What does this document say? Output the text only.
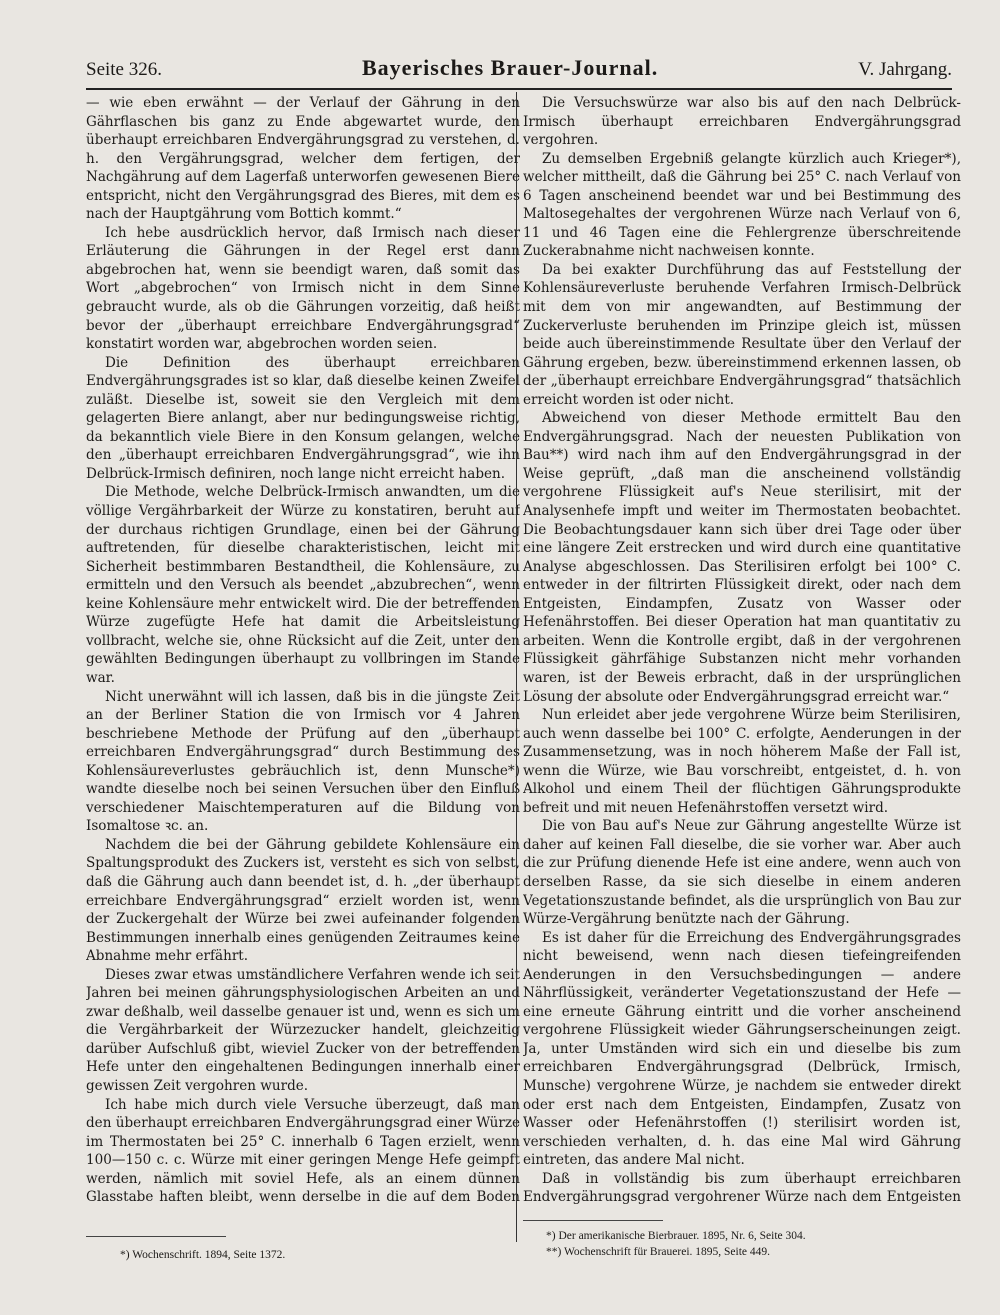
Seite 326.	Bayerisches Brauer-Journal.	V. Jahrgang.

— wie eben erwähnt — der Verlauf der Gährung in den Gährflaschen bis ganz zu Ende abgewartet wurde, den überhaupt erreichbaren Endvergährungsgrad zu verstehen, d. h. den Vergährungsgrad, welcher dem fertigen, der Nachgährung auf dem Lagerfaß unterworfen gewesenen Biere entspricht, nicht den Vergährungsgrad des Bieres, mit dem es nach der Hauptgährung vom Bottich kommt.“

Ich hebe ausdrücklich hervor, daß Irmisch nach dieser Erläuterung die Gährungen in der Regel erst dann abgebrochen hat, wenn sie beendigt waren, daß somit das Wort „abgebrochen“ von Irmisch nicht in dem Sinne gebraucht wurde, als ob die Gährungen vorzeitig, daß heißt bevor der „überhaupt erreichbare Endvergährungsgrad“ konstatirt worden war, abgebrochen worden seien.

Die Definition des überhaupt erreichbaren Endvergährungsgrades ist so klar, daß dieselbe keinen Zweifel zuläßt. Dieselbe ist, soweit sie den Vergleich mit dem gelagerten Biere anlangt, aber nur bedingungsweise richtig, da bekanntlich viele Biere in den Konsum gelangen, welche den „überhaupt erreichbaren Endvergährungsgrad“, wie ihn Delbrück-Irmisch definiren, noch lange nicht erreicht haben.

Die Methode, welche Delbrück-Irmisch anwandten, um die völlige Vergährbarkeit der Würze zu konstatiren, beruht auf der durchaus richtigen Grundlage, einen bei der Gährung auftretenden, für dieselbe charakteristischen, leicht mit Sicherheit bestimmbaren Bestandtheil, die Kohlensäure, zu ermitteln und den Versuch als beendet „abzubrechen“, wenn keine Kohlensäure mehr entwickelt wird. Die der betreffenden Würze zugefügte Hefe hat damit die Arbeitsleistung vollbracht, welche sie, ohne Rücksicht auf die Zeit, unter den gewählten Bedingungen überhaupt zu vollbringen im Stande war.

Nicht unerwähnt will ich lassen, daß bis in die jüngste Zeit an der Berliner Station die von Irmisch vor 4 Jahren beschriebene Methode der Prüfung auf den „überhaupt erreichbaren Endvergährungsgrad“ durch Bestimmung des Kohlensäureverlustes gebräuchlich ist, denn Munsche*) wandte dieselbe noch bei seinen Versuchen über den Einfluß verschiedener Maischtemperaturen auf die Bildung von Isomaltose ꝛc. an.

Nachdem die bei der Gährung gebildete Kohlensäure ein Spaltungsprodukt des Zuckers ist, versteht es sich von selbst, daß die Gährung auch dann beendet ist, d. h. „der überhaupt erreichbare Endvergährungsgrad“ erzielt worden ist, wenn der Zuckergehalt der Würze bei zwei aufeinander folgenden Bestimmungen innerhalb eines genügenden Zeitraumes keine Abnahme mehr erfährt.

Dieses zwar etwas umständlichere Verfahren wende ich seit Jahren bei meinen gährungsphysiologischen Arbeiten an und zwar deßhalb, weil dasselbe genauer ist und, wenn es sich um die Vergährbarkeit der Würzezucker handelt, gleichzeitig darüber Aufschluß gibt, wieviel Zucker von der betreffenden Hefe unter den eingehaltenen Bedingungen innerhalb einer gewissen Zeit vergohren wurde.

Ich habe mich durch viele Versuche überzeugt, daß man den überhaupt erreichbaren Endvergährungsgrad einer Würze im Thermostaten bei 25° C. innerhalb 6 Tagen erzielt, wenn 100—150 c. c. Würze mit einer geringen Menge Hefe geimpft werden, nämlich mit soviel Hefe, als an einem dünnen Glasstabe haften bleibt, wenn derselbe in die auf dem Boden

Die Versuchswürze war also bis auf den nach Delbrück-Irmisch überhaupt erreichbaren Endvergährungsgrad vergohren.

Zu demselben Ergebniß gelangte kürzlich auch Krieger*), welcher mittheilt, daß die Gährung bei 25° C. nach Verlauf von 6 Tagen anscheinend beendet war und bei Bestimmung des Maltosegehaltes der vergohrenen Würze nach Verlauf von 6, 11 und 46 Tagen eine die Fehlergrenze überschreitende Zuckerabnahme nicht nachweisen konnte.

Da bei exakter Durchführung das auf Feststellung der Kohlensäureverluste beruhende Verfahren Irmisch-Delbrück mit dem von mir angewandten, auf Bestimmung der Zuckerverluste beruhenden im Prinzipe gleich ist, müssen beide auch übereinstimmende Resultate über den Verlauf der Gährung ergeben, bezw. übereinstimmend erkennen lassen, ob der „überhaupt erreichbare Endvergährungsgrad“ thatsächlich erreicht worden ist oder nicht.

Abweichend von dieser Methode ermittelt Bau den Endvergährungsgrad. Nach der neuesten Publikation von Bau**) wird nach ihm auf den Endvergährungsgrad in der Weise geprüft, „daß man die anscheinend vollständig vergohrene Flüssigkeit auf's Neue sterilisirt, mit der Analysenhefe impft und weiter im Thermostaten beobachtet. Die Beobachtungsdauer kann sich über drei Tage oder über eine längere Zeit erstrecken und wird durch eine quantitative Analyse abgeschlossen. Das Sterilisiren erfolgt bei 100° C. entweder in der filtrirten Flüssigkeit direkt, oder nach dem Entgeisten, Eindampfen, Zusatz von Wasser oder Hefenährstoffen. Bei dieser Operation hat man quantitativ zu arbeiten. Wenn die Kontrolle ergibt, daß in der vergohrenen Flüssigkeit gährfähige Substanzen nicht mehr vorhanden waren, ist der Beweis erbracht, daß in der ursprünglichen Lösung der absolute oder Endvergährungsgrad erreicht war.“

Nun erleidet aber jede vergohrene Würze beim Sterilisiren, auch wenn dasselbe bei 100° C. erfolgte, Aenderungen in der Zusammensetzung, was in noch höherem Maße der Fall ist, wenn die Würze, wie Bau vorschreibt, entgeistet, d. h. von Alkohol und einem Theil der flüchtigen Gährungsprodukte befreit und mit neuen Hefenährstoffen versetzt wird.

Die von Bau auf's Neue zur Gährung angestellte Würze ist daher auf keinen Fall dieselbe, die sie vorher war. Aber auch die zur Prüfung dienende Hefe ist eine andere, wenn auch von derselben Rasse, da sie sich dieselbe in einem anderen Vegetationszustande befindet, als die ursprünglich von Bau zur Würze-Vergährung benützte nach der Gährung.

Es ist daher für die Erreichung des Endvergährungsgrades nicht beweisend, wenn nach diesen tiefeingreifenden Aenderungen in den Versuchsbedingungen — andere Nährflüssigkeit, veränderter Vegetationszustand der Hefe — eine erneute Gährung eintritt und die vorher anscheinend vergohrene Flüssigkeit wieder Gährungserscheinungen zeigt. Ja, unter Umständen wird sich ein und dieselbe bis zum erreichbaren Endvergährungsgrad (Delbrück, Irmisch, Munsche) vergohrene Würze, je nachdem sie entweder direkt oder erst nach dem Entgeisten, Eindampfen, Zusatz von Wasser oder Hefenährstoffen (!) sterilisirt worden ist, verschieden verhalten, d. h. das eine Mal wird Gährung eintreten, das andere Mal nicht.

Daß in vollständig bis zum überhaupt erreichbaren Endvergährungsgrad vergohrener Würze nach dem Entgeisten

*) Wochenschrift. 1894, Seite 1372.
*) Der amerikanische Bierbrauer. 1895, Nr. 6, Seite 304.
**) Wochenschrift für Brauerei. 1895, Seite 449.
